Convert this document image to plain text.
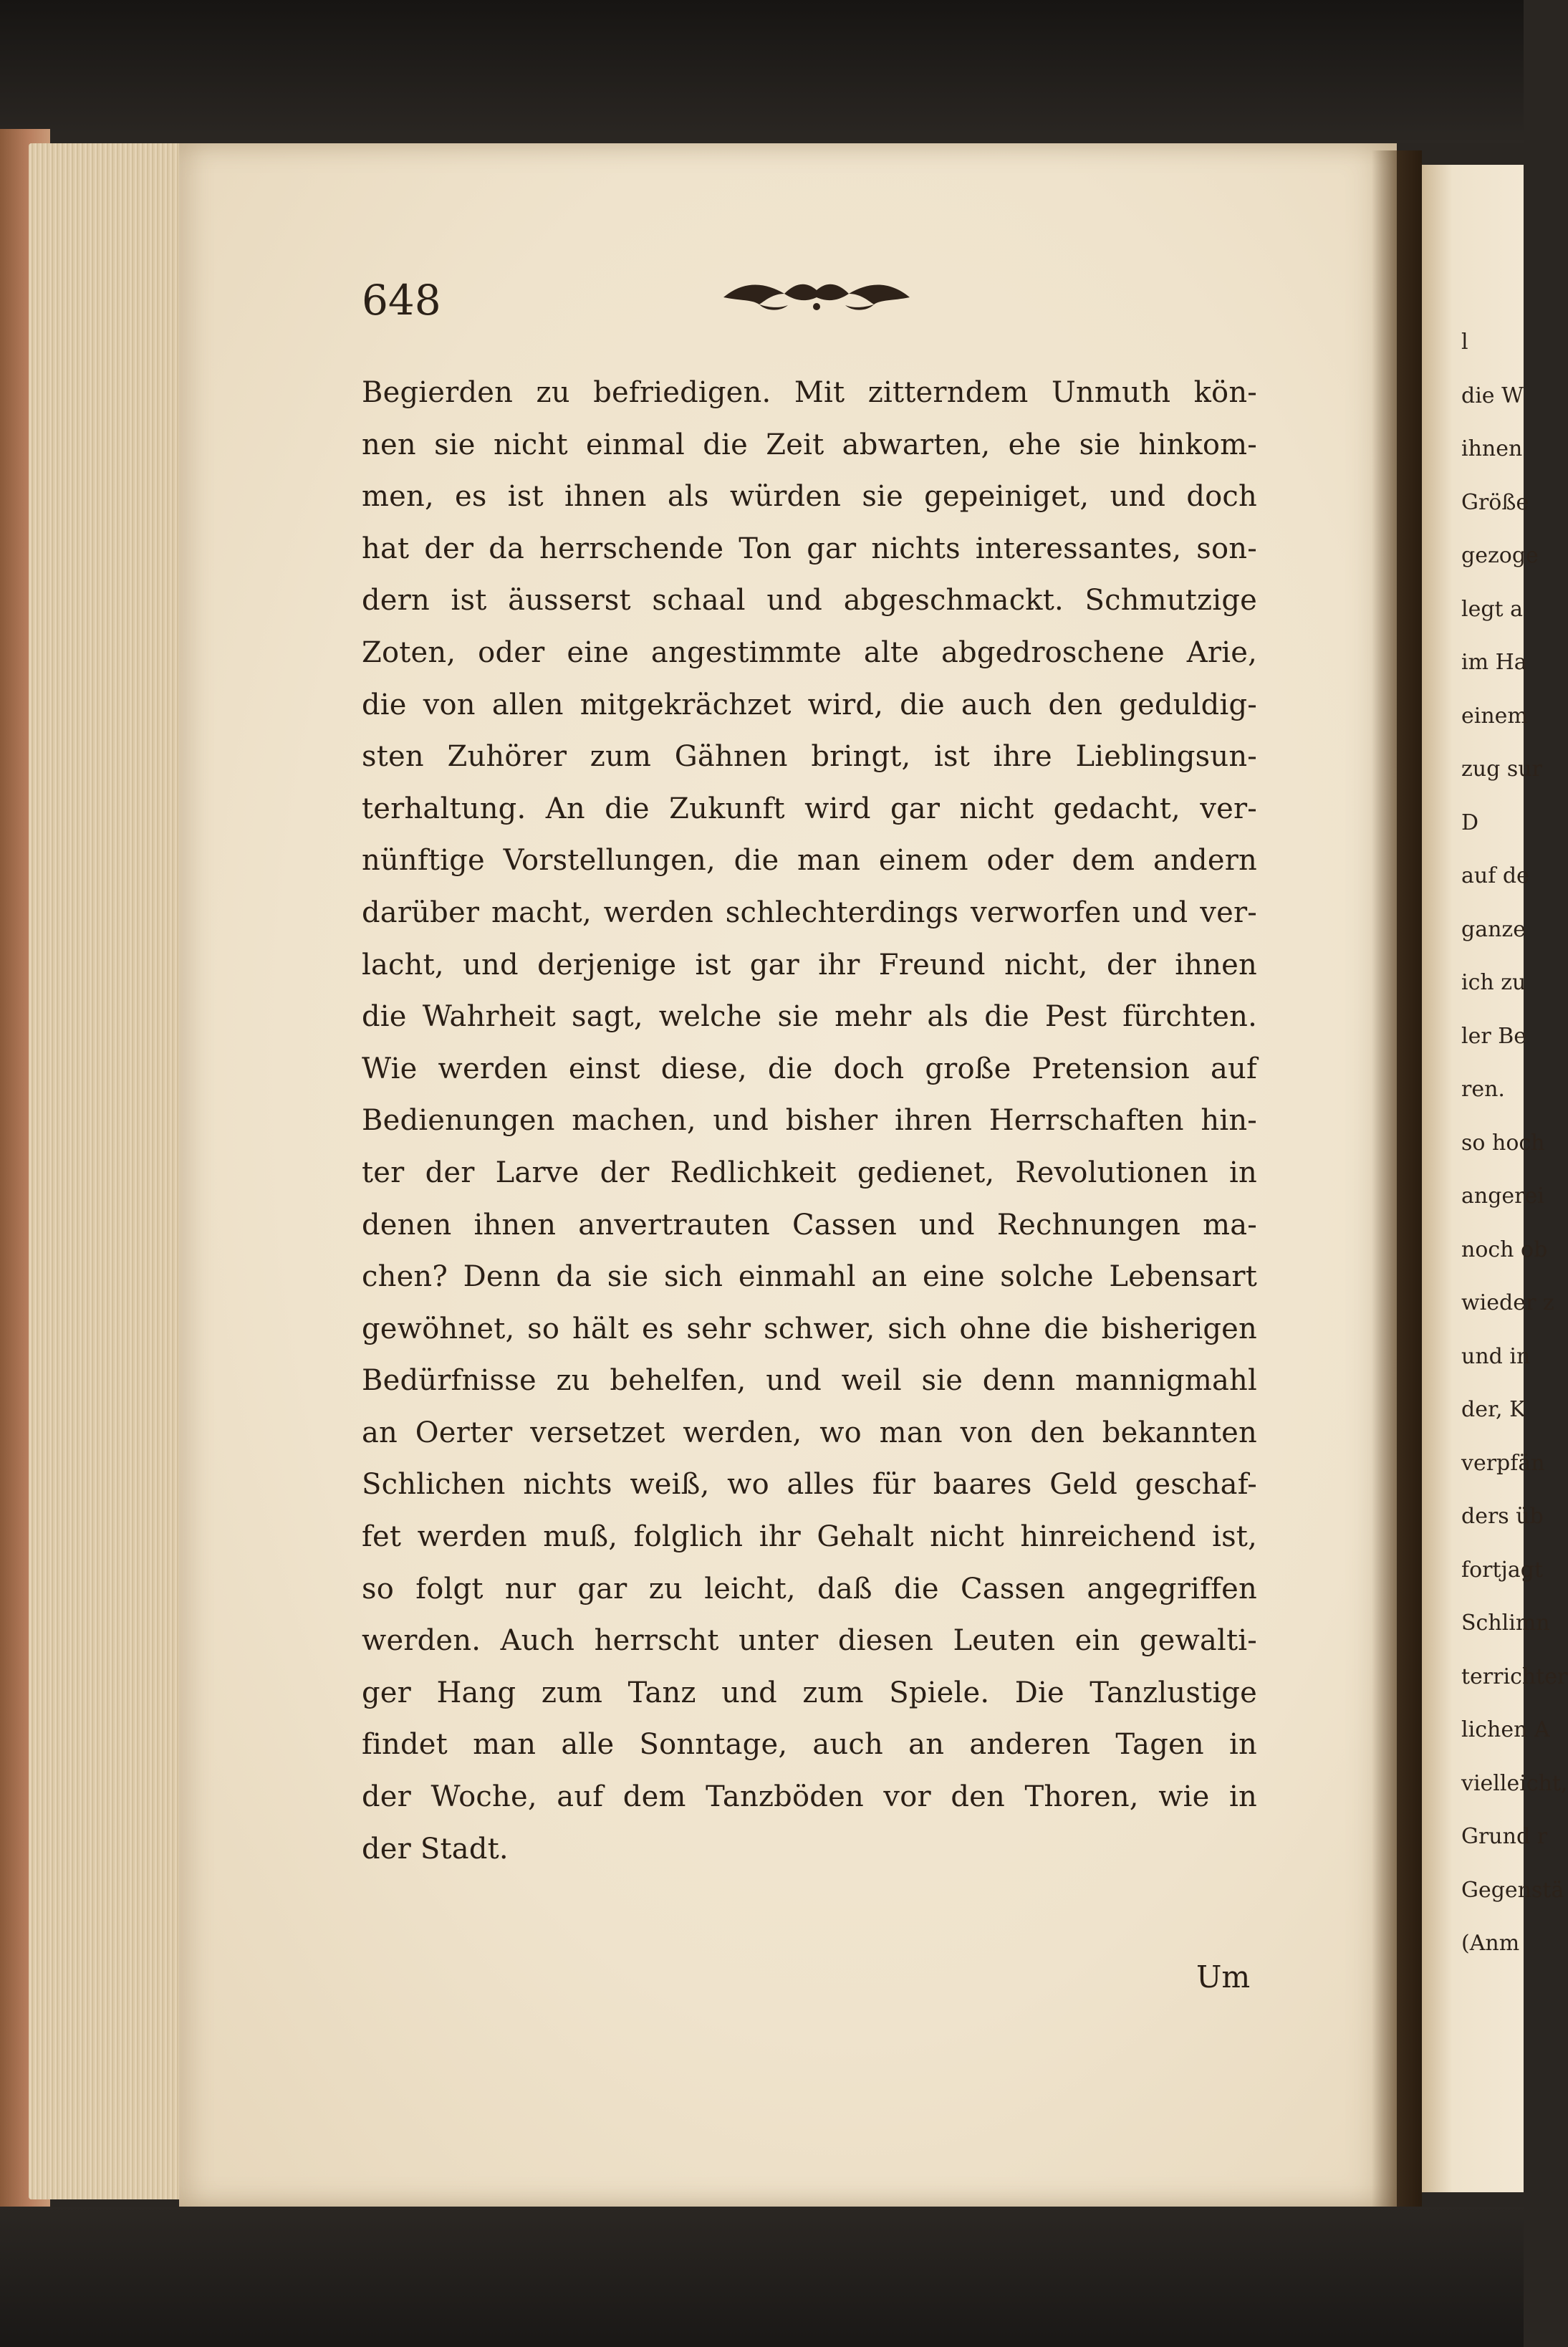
l
die W
ihnen
Größe
gezoge
legt a
im Ha
einem
zug sur
D
auf de
ganze
ich zu
ler Be
ren.
so hoch
angerei
noch ob
wieder z
und in
der, K
verpfän
ders üb
fortjagt
Schlimn
terrichter
lichen A
vielleicht,
Grund r
Gegenstä
(Anm
648
Begierden zu befriedigen. Mit zitterndem Unmuth kön-
nen sie nicht einmal die Zeit abwarten, ehe sie hinkom-
men, es ist ihnen als würden sie gepeiniget, und doch
hat der da herrschende Ton gar nichts interessantes, son-
dern ist äusserst schaal und abgeschmackt. Schmutzige
Zoten, oder eine angestimmte alte abgedroschene Arie,
die von allen mitgekrächzet wird, die auch den geduldig-
sten Zuhörer zum Gähnen bringt, ist ihre Lieblingsun-
terhaltung. An die Zukunft wird gar nicht gedacht, ver-
nünftige Vorstellungen, die man einem oder dem andern
darüber macht, werden schlechterdings verworfen und ver-
lacht, und derjenige ist gar ihr Freund nicht, der ihnen
die Wahrheit sagt, welche sie mehr als die Pest fürchten.
Wie werden einst diese, die doch große Pretension auf
Bedienungen machen, und bisher ihren Herrschaften hin-
ter der Larve der Redlichkeit gedienet, Revolutionen in
denen ihnen anvertrauten Cassen und Rechnungen ma-
chen? Denn da sie sich einmahl an eine solche Lebensart
gewöhnet, so hält es sehr schwer, sich ohne die bisherigen
Bedürfnisse zu behelfen, und weil sie denn mannigmahl
an Oerter versetzet werden, wo man von den bekannten
Schlichen nichts weiß, wo alles für baares Geld geschaf-
fet werden muß, folglich ihr Gehalt nicht hinreichend ist,
so folgt nur gar zu leicht, daß die Cassen angegriffen
werden. Auch herrscht unter diesen Leuten ein gewalti-
ger Hang zum Tanz und zum Spiele. Die Tanzlustige
findet man alle Sonntage, auch an anderen Tagen in
der Woche, auf dem Tanzböden vor den Thoren, wie in
der Stadt.
Um
